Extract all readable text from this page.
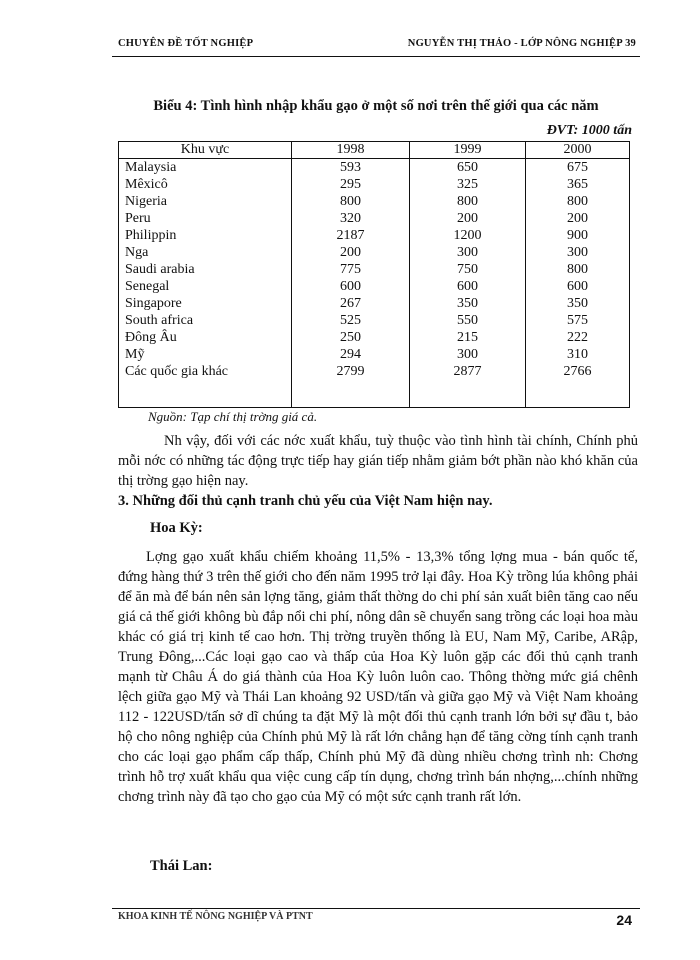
CHUYÊN ĐỀ TỐT NGHIỆP	NGUYỄN THỊ THẢO - LỚP NÔNG NGHIỆP 39
Biểu 4: Tình hình nhập khẩu gạo ở một số nơi trên thế giới qua các năm
ĐVT: 1000 tấn
Khu vực	1998	1999	2000
Malaysia	593	650	675
Mêxicô	295	325	365
Nigeria	800	800	800
Peru	320	200	200
Philippin	2187	1200	900
Nga	200	300	300
Saudi arabia	775	750	800
Senegal	600	600	600
Singapore	267	350	350
South africa	525	550	575
Đông Âu	250	215	222
Mỹ	294	300	310
Các quốc gia khác	2799	2877	2766

Nguồn: Tạp chí thị trờng giá cả.

Nh vậy, đối với các nớc xuất khẩu, tuỳ thuộc vào tình hình tài chính, Chính phủ mỗi nớc có những tác động trực tiếp hay gián tiếp nhằm giảm bớt phần nào khó khăn của thị trờng gạo hiện nay.

3. Những đối thủ cạnh tranh chủ yếu của Việt Nam hiện nay.
Hoa Kỳ:

Lợng gạo xuất khẩu chiếm khoảng 11,5% - 13,3% tổng lợng mua - bán quốc tế, đứng hàng thứ 3 trên thế giới cho đến năm 1995 trở lại đây. Hoa Kỳ trồng lúa không phải để ăn mà để bán nên sản lợng tăng, giảm thất thờng do chi phí sản xuất biên tăng cao nếu giá cả thế giới không bù đắp nổi chi phí, nông dân sẽ chuyển sang trồng các loại hoa màu khác có giá trị kinh tế cao hơn. Thị trờng truyền thống là EU, Nam Mỹ, Caribe, ARập, Trung Đông,...Các loại gạo cao và thấp của Hoa Kỳ luôn gặp các đối thủ cạnh tranh mạnh từ Châu Á do giá thành của Hoa Kỳ luôn luôn cao. Thông thờng mức giá chênh lệch giữa gạo Mỹ và Thái Lan khoảng 92 USD/tấn và giữa gạo Mỹ và Việt Nam khoảng 112 - 122USD/tấn sở dĩ chúng ta đặt Mỹ là một đối thủ cạnh tranh lớn bởi sự đầu t, bảo hộ cho nông nghiệp của Chính phủ Mỹ là rất lớn chẳng hạn để tăng cờng tính cạnh tranh cho các loại gạo phẩm cấp thấp, Chính phủ Mỹ đã dùng nhiều chơng trình nh: Chơng trình hỗ trợ xuất khẩu qua việc cung cấp tín dụng, chơng trình bán nhợng,...chính những chơng trình này đã tạo cho gạo của Mỹ có một sức cạnh tranh rất lớn.

Thái Lan:
KHOA KINH TẾ NÔNG NGHIỆP VÀ PTNT	24
